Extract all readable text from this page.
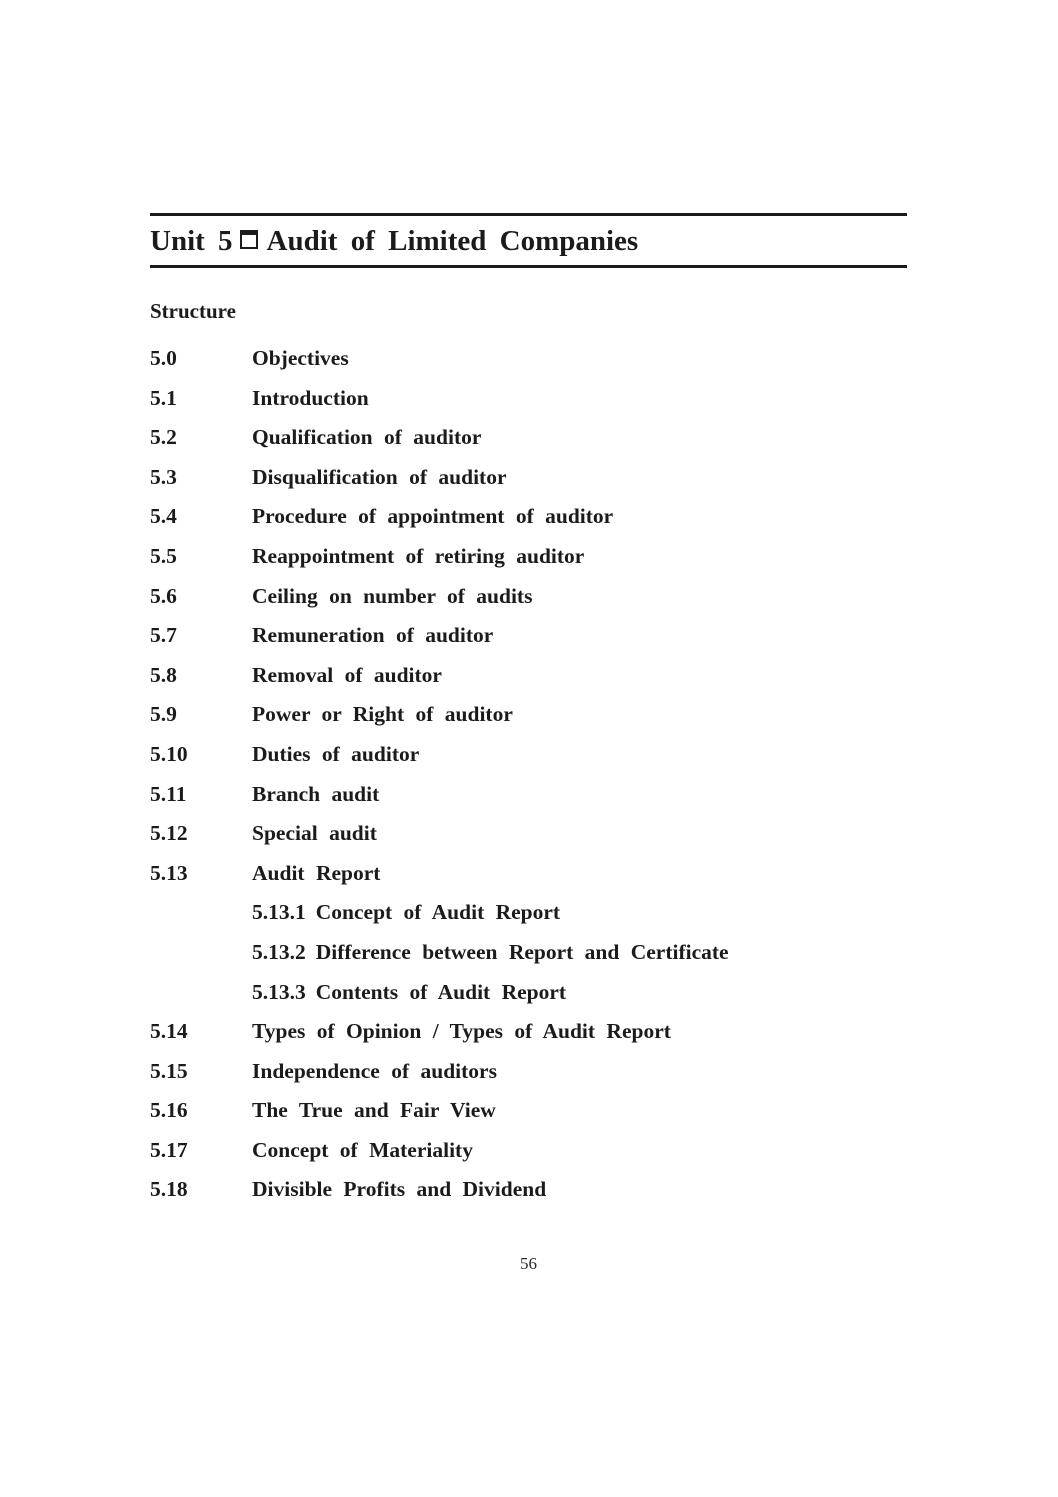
Unit 5 Audit of Limited Companies
Structure
5.0	Objectives
5.1	Introduction
5.2	Qualification of auditor
5.3	Disqualification of auditor
5.4	Procedure of appointment of auditor
5.5	Reappointment of retiring auditor
5.6	Ceiling on number of audits
5.7	Remuneration of auditor
5.8	Removal of auditor
5.9	Power or Right of auditor
5.10	Duties of auditor
5.11	Branch audit
5.12	Special audit
5.13	Audit Report
5.13.1 Concept of Audit Report
5.13.2 Difference between Report and Certificate
5.13.3 Contents of Audit Report
5.14	Types of Opinion / Types of Audit Report
5.15	Independence of auditors
5.16	The True and Fair View
5.17	Concept of Materiality
5.18	Divisible Profits and Dividend
56
